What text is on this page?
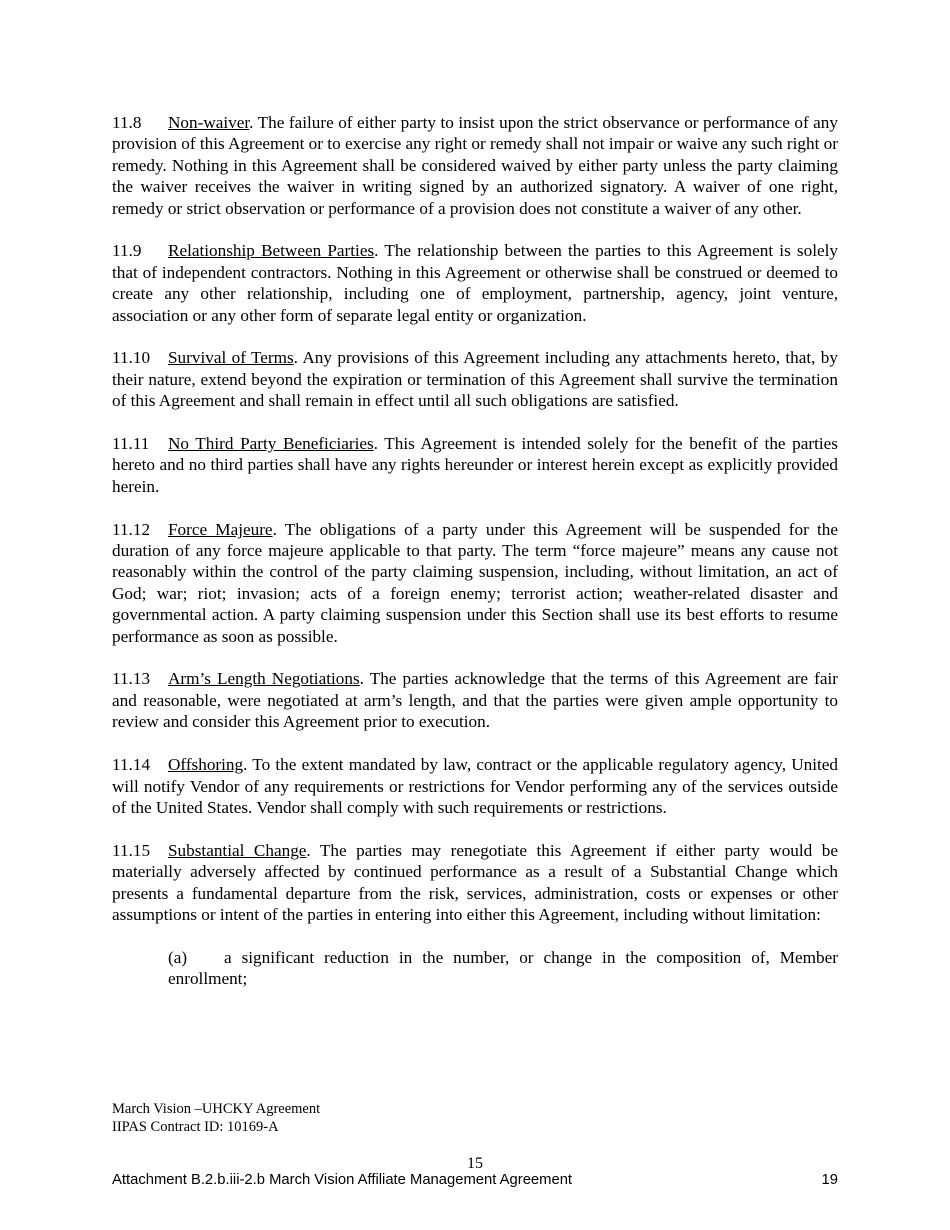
11.8 Non-waiver. The failure of either party to insist upon the strict observance or performance of any provision of this Agreement or to exercise any right or remedy shall not impair or waive any such right or remedy. Nothing in this Agreement shall be considered waived by either party unless the party claiming the waiver receives the waiver in writing signed by an authorized signatory. A waiver of one right, remedy or strict observation or performance of a provision does not constitute a waiver of any other.

11.9 Relationship Between Parties. The relationship between the parties to this Agreement is solely that of independent contractors. Nothing in this Agreement or otherwise shall be construed or deemed to create any other relationship, including one of employment, partnership, agency, joint venture, association or any other form of separate legal entity or organization.

11.10 Survival of Terms. Any provisions of this Agreement including any attachments hereto, that, by their nature, extend beyond the expiration or termination of this Agreement shall survive the termination of this Agreement and shall remain in effect until all such obligations are satisfied.

11.11 No Third Party Beneficiaries. This Agreement is intended solely for the benefit of the parties hereto and no third parties shall have any rights hereunder or interest herein except as explicitly provided herein.

11.12 Force Majeure. The obligations of a party under this Agreement will be suspended for the duration of any force majeure applicable to that party. The term “force majeure” means any cause not reasonably within the control of the party claiming suspension, including, without limitation, an act of God; war; riot; invasion; acts of a foreign enemy; terrorist action; weather-related disaster and governmental action. A party claiming suspension under this Section shall use its best efforts to resume performance as soon as possible.

11.13 Arm’s Length Negotiations. The parties acknowledge that the terms of this Agreement are fair and reasonable, were negotiated at arm’s length, and that the parties were given ample opportunity to review and consider this Agreement prior to execution.

11.14 Offshoring. To the extent mandated by law, contract or the applicable regulatory agency, United will notify Vendor of any requirements or restrictions for Vendor performing any of the services outside of the United States. Vendor shall comply with such requirements or restrictions.

11.15 Substantial Change. The parties may renegotiate this Agreement if either party would be materially adversely affected by continued performance as a result of a Substantial Change which presents a fundamental departure from the risk, services, administration, costs or expenses or other assumptions or intent of the parties in entering into either this Agreement, including without limitation:

(a) a significant reduction in the number, or change in the composition of, Member enrollment;

March Vision –UHCKY Agreement
IIPAS Contract ID: 10169-A
15
Attachment B.2.b.iii-2.b March Vision Affiliate Management Agreement	19
